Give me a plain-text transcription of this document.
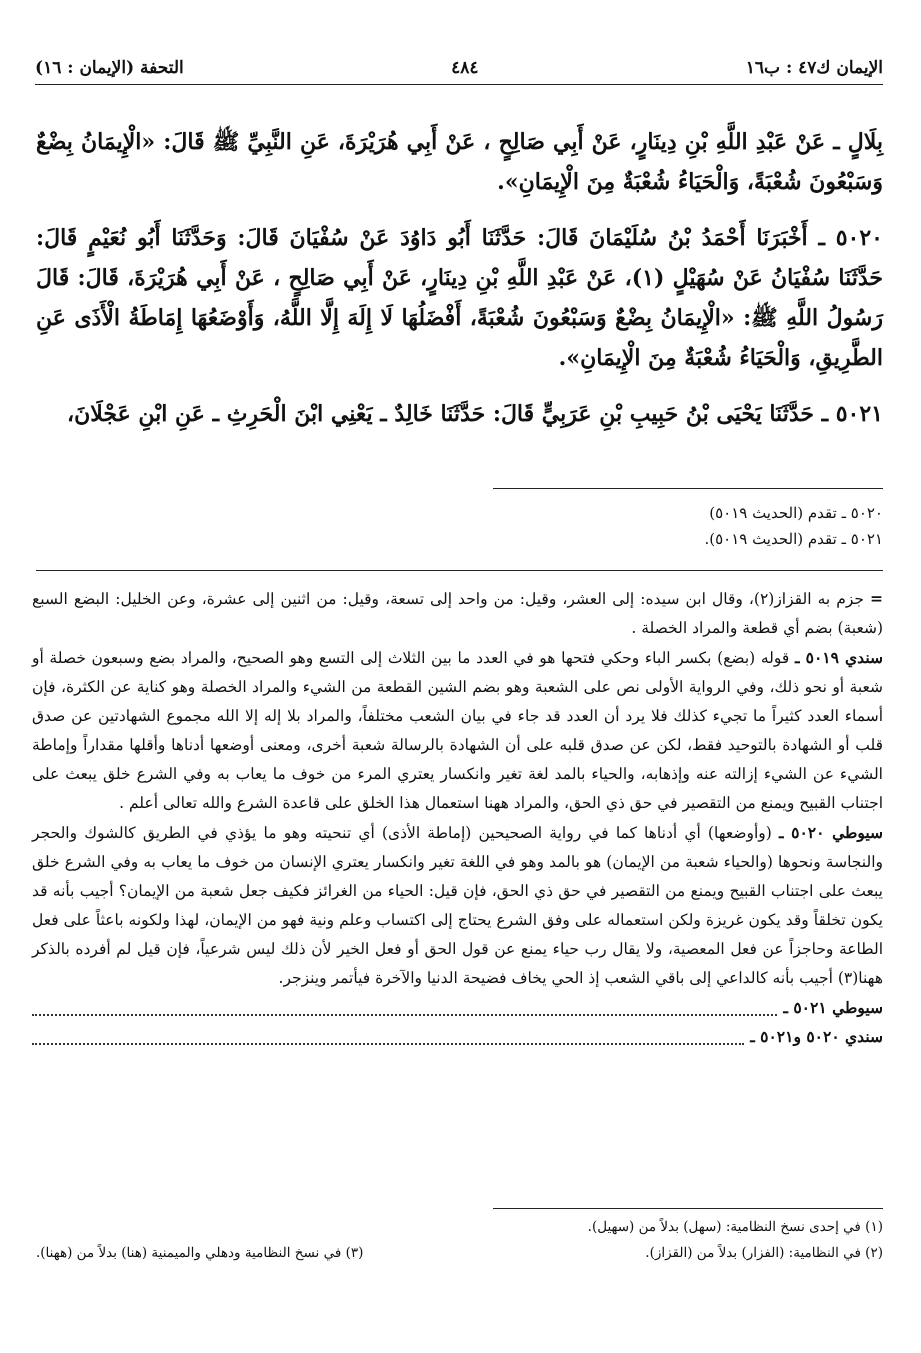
الإيمان ك٤٧ : ب١٦
٤٨٤
التحفة (الإيمان : ١٦)

بِلَالٍ ـ عَنْ عَبْدِ اللَّهِ بْنِ دِينَارٍ، عَنْ أَبِي صَالِحٍ ، عَنْ أَبِي هُرَيْرَةَ، عَنِ النَّبِيِّ ﷺ قَالَ: «الْإِيمَانُ بِضْعٌ وَسَبْعُونَ شُعْبَةً، وَالْحَيَاءُ شُعْبَةٌ مِنَ الْإِيمَانِ».

٥٠٢٠ ـ أَخْبَرَنَا أَحْمَدُ بْنُ سُلَيْمَانَ قَالَ: حَدَّثَنَا أَبُو دَاوُدَ عَنْ سُفْيَانَ قَالَ: وَحَدَّثَنَا أَبُو نُعَيْمٍ قَالَ: حَدَّثَنَا سُفْيَانُ عَنْ سُهَيْلٍ (١)، عَنْ عَبْدِ اللَّهِ بْنِ دِينَارٍ، عَنْ أَبِي صَالِحٍ ، عَنْ أَبِي هُرَيْرَةَ، قَالَ: قَالَ رَسُولُ اللَّهِ ﷺ: «الْإِيمَانُ بِضْعٌ وَسَبْعُونَ شُعْبَةً، أَفْضَلُهَا لَا إِلَهَ إِلَّا اللَّهُ، وَأَوْضَعُهَا إِمَاطَةُ الْأَذَى عَنِ الطَّرِيقِ، وَالْحَيَاءُ شُعْبَةٌ مِنَ الْإِيمَانِ».

٥٠٢١ ـ حَدَّثَنَا يَحْيَى بْنُ حَبِيبِ بْنِ عَرَبِيٍّ قَالَ: حَدَّثَنَا خَالِدٌ ـ يَعْنِي ابْنَ الْحَرِثِ ـ عَنِ ابْنِ عَجْلَانَ،

٥٠٢٠ ـ تقدم (الحديث ٥٠١٩)
٥٠٢١ ـ تقدم (الحديث ٥٠١٩).

=جزم به القزاز(٢)، وقال ابن سيده: إلى العشر، وقيل: من واحد إلى تسعة، وقيل: من اثنين إلى عشرة، وعن الخليل: البضع السبع (شعبة) بضم أي قطعة والمراد الخصلة .

سندي ٥٠١٩ ـ قوله (بضع) بكسر الباء وحكي فتحها هو في العدد ما بين الثلاث إلى التسع وهو الصحيح، والمراد بضع وسبعون خصلة أو شعبة أو نحو ذلك، وفي الرواية الأولى نص على الشعبة وهو بضم الشين القطعة من الشيء والمراد الخصلة وهو كناية عن الكثرة، فإن أسماء العدد كثيراً ما تجيء كذلك فلا يرد أن العدد قد جاء في بيان الشعب مختلفاً، والمراد بلا إله إلا الله مجموع الشهادتين عن صدق قلب أو الشهادة بالتوحيد فقط، لكن عن صدق قلبه على أن الشهادة بالرسالة شعبة أخرى، ومعنى أوضعها أدناها وأقلها مقداراً وإماطة الشيء عن الشيء إزالته عنه وإذهابه، والحياء بالمد لغة تغير وانكسار يعتري المرء من خوف ما يعاب به وفي الشرع خلق يبعث على اجتناب القبيح ويمنع من التقصير في حق ذي الحق، والمراد ههنا استعمال هذا الخلق على قاعدة الشرع والله تعالى أعلم .

سيوطي ٥٠٢٠ ـ (وأوضعها) أي أدناها كما في رواية الصحيحين (إماطة الأذى) أي تنحيته وهو ما يؤذي في الطريق كالشوك والحجر والنجاسة ونحوها (والحياء شعبة من الإيمان) هو بالمد وهو في اللغة تغير وانكسار يعتري الإنسان من خوف ما يعاب به وفي الشرع خلق يبعث على اجتناب القبيح ويمنع من التقصير في حق ذي الحق، فإن قيل: الحياء من الغرائز فكيف جعل شعبة من الإيمان؟ أجيب بأنه قد يكون تخلقاً وقد يكون غريزة ولكن استعماله على وفق الشرع يحتاج إلى اكتساب وعلم ونية فهو من الإيمان، لهذا ولكونه باعثاً على فعل الطاعة وحاجزاً عن فعل المعصية، ولا يقال رب حياء يمنع عن قول الحق أو فعل الخير لأن ذلك ليس شرعياً، فإن قيل لم أفرده بالذكر ههنا(٣) أجيب بأنه كالداعي إلى باقي الشعب إذ الحي يخاف فضيحة الدنيا والآخرة فيأتمر وينزجر.

سيوطي ٥٠٢١ ـ

سندي ٥٠٢٠ و٥٠٢١ ـ

(١) في إحدى نسخ النظامية: (سهل) بدلاً من (سهيل).
(٢) في النظامية: (الفزار) بدلاً من (القزاز).
(٣) في نسخ النظامية ودهلي والميمنية (هنا) بدلاً من (ههنا).
